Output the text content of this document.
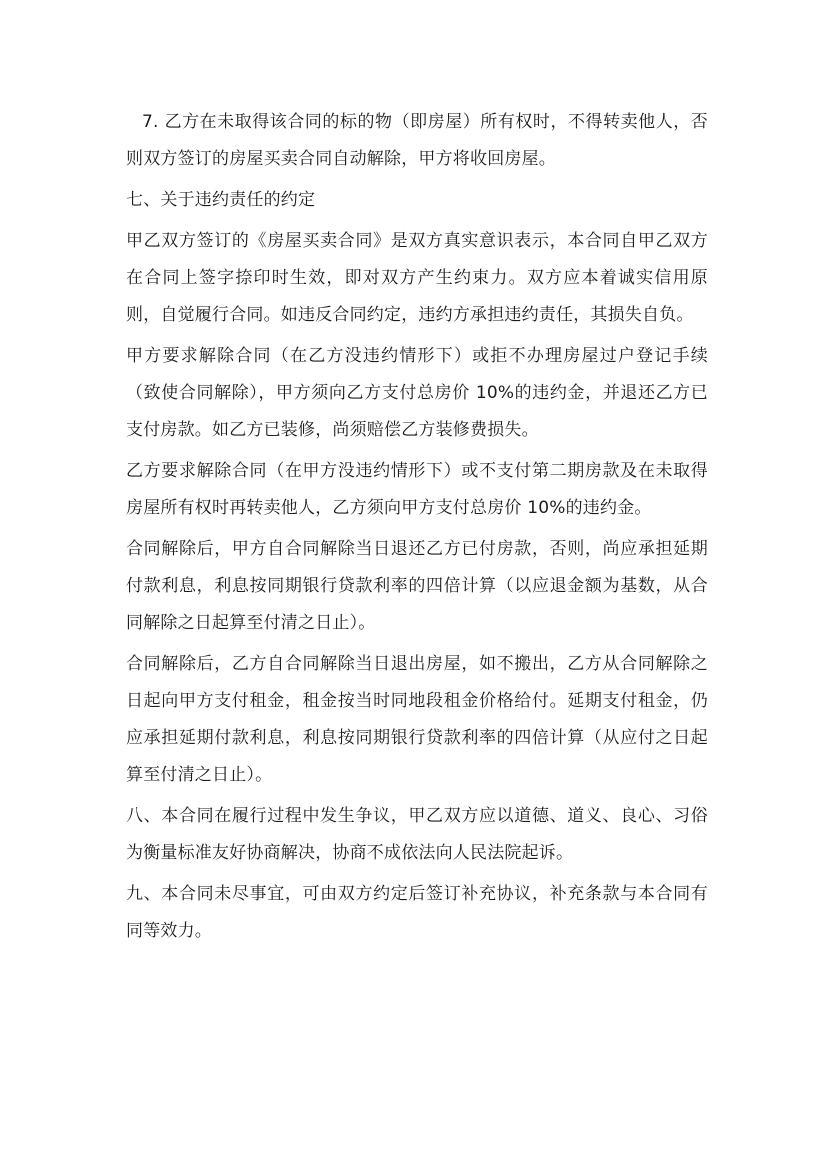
7. 乙方在未取得该合同的标的物（即房屋）所有权时，不得转卖他人，否则双方签订的房屋买卖合同自动解除，甲方将收回房屋。

七、关于违约责任的约定

甲乙双方签订的《房屋买卖合同》是双方真实意识表示，本合同自甲乙双方在合同上签字捺印时生效，即对双方产生约束力。双方应本着诚实信用原则，自觉履行合同。如违反合同约定，违约方承担违约责任，其损失自负。

甲方要求解除合同（在乙方没违约情形下）或拒不办理房屋过户登记手续（致使合同解除），甲方须向乙方支付总房价 10%的违约金，并退还乙方已支付房款。如乙方已装修，尚须赔偿乙方装修费损失。

乙方要求解除合同（在甲方没违约情形下）或不支付第二期房款及在未取得房屋所有权时再转卖他人，乙方须向甲方支付总房价 10%的违约金。

合同解除后，甲方自合同解除当日退还乙方已付房款，否则，尚应承担延期付款利息，利息按同期银行贷款利率的四倍计算（以应退金额为基数，从合同解除之日起算至付清之日止）。

合同解除后，乙方自合同解除当日退出房屋，如不搬出，乙方从合同解除之日起向甲方支付租金，租金按当时同地段租金价格给付。延期支付租金，仍应承担延期付款利息，利息按同期银行贷款利率的四倍计算（从应付之日起算至付清之日止）。

八、本合同在履行过程中发生争议，甲乙双方应以道德、道义、良心、习俗为衡量标准友好协商解决，协商不成依法向人民法院起诉。

九、本合同未尽事宜，可由双方约定后签订补充协议，补充条款与本合同有同等效力。
